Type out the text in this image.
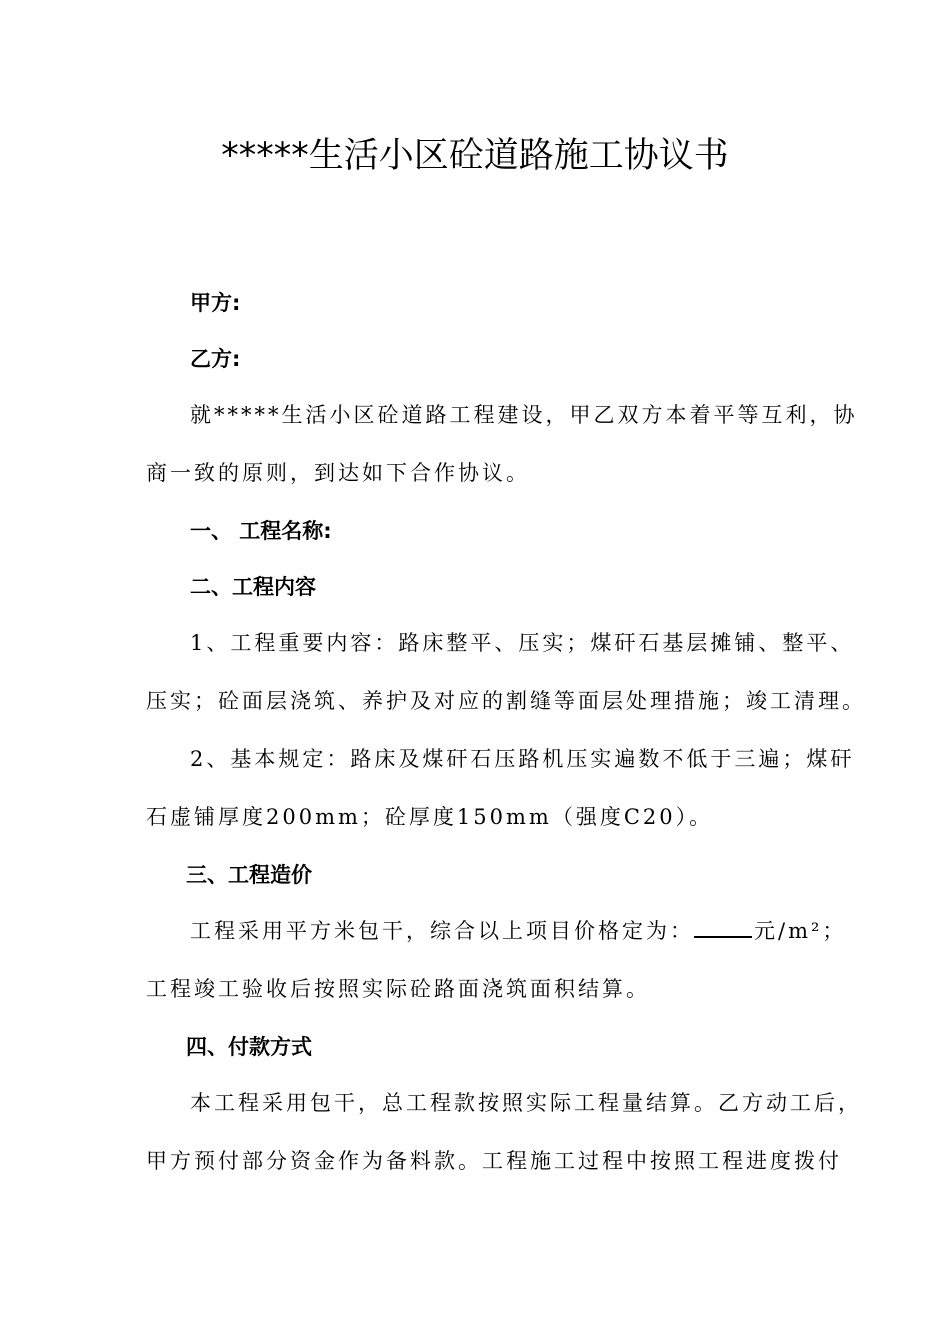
*****生活小区砼道路施工协议书
甲方:
乙方:
就*****生活小区砼道路工程建设，甲乙双方本着平等互利，协
商一致的原则，到达如下合作协议。
一、 工程名称:
二、工程内容
1、工程重要内容：路床整平、压实；煤矸石基层摊铺、整平、
压实；砼面层浇筑、养护及对应的割缝等面层处理措施；竣工清理。
2、基本规定：路床及煤矸石压路机压实遍数不低于三遍；煤矸
石虚铺厚度200mm；砼厚度150mm（强度C20）。
三、工程造价
工程采用平方米包干，综合以上项目价格定为：	元/m²；
工程竣工验收后按照实际砼路面浇筑面积结算。
四、付款方式
本工程采用包干，总工程款按照实际工程量结算。乙方动工后，
甲方预付部分资金作为备料款。工程施工过程中按照工程进度拨付
